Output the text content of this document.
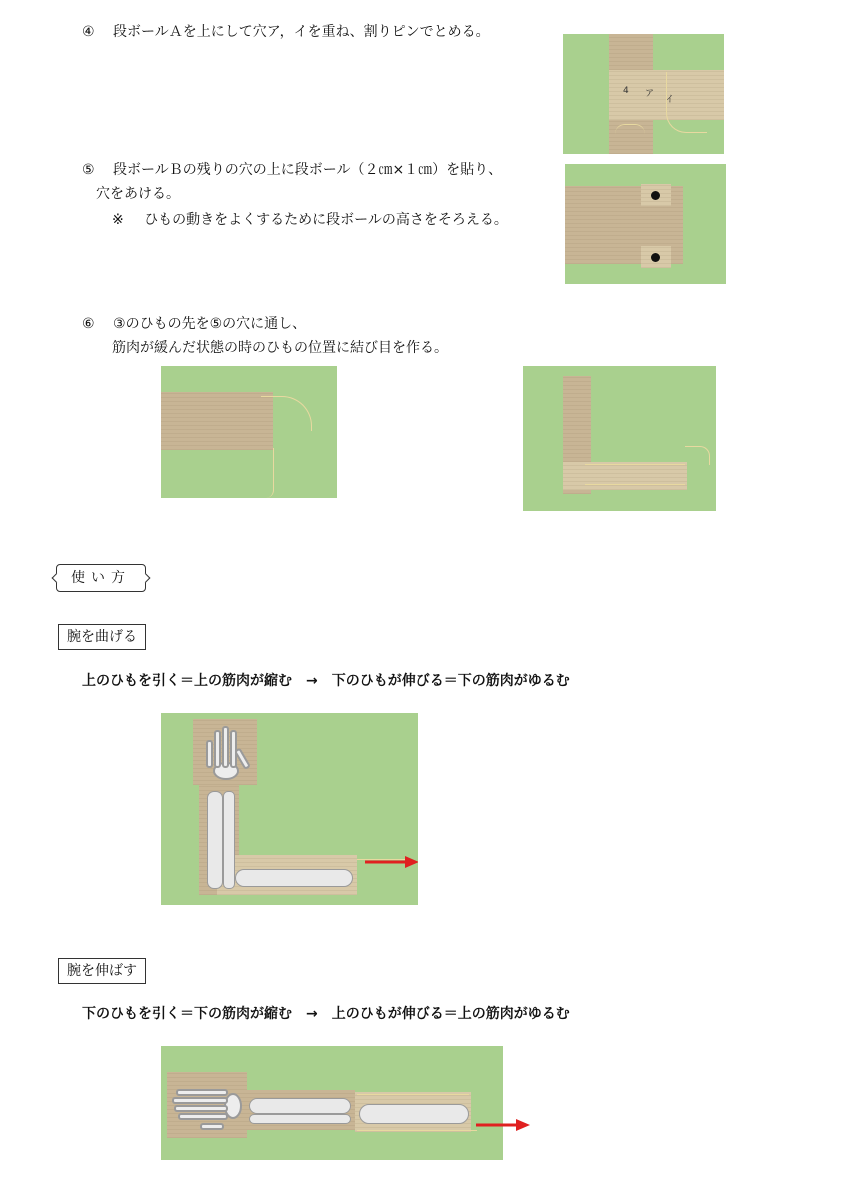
④ 段ボールＡを上にして穴ア，イを重ね、割りピンでとめる。
4 ア
イ
⑤ 段ボールＢの残りの穴の上に段ボール（２㎝×１㎝）を貼り、
穴をあける。
※ ひもの動きをよくするために段ボールの高さをそろえる。
⑥ ③のひもの先を⑤の穴に通し、
筋肉が緩んだ状態の時のひもの位置に結び目を作る。
使い方
腕を曲げる
上のひもを引く＝上の筋肉が縮む　→　下のひもが伸びる＝下の筋肉がゆるむ
腕を伸ばす
下のひもを引く＝下の筋肉が縮む　→　上のひもが伸びる＝上の筋肉がゆるむ
